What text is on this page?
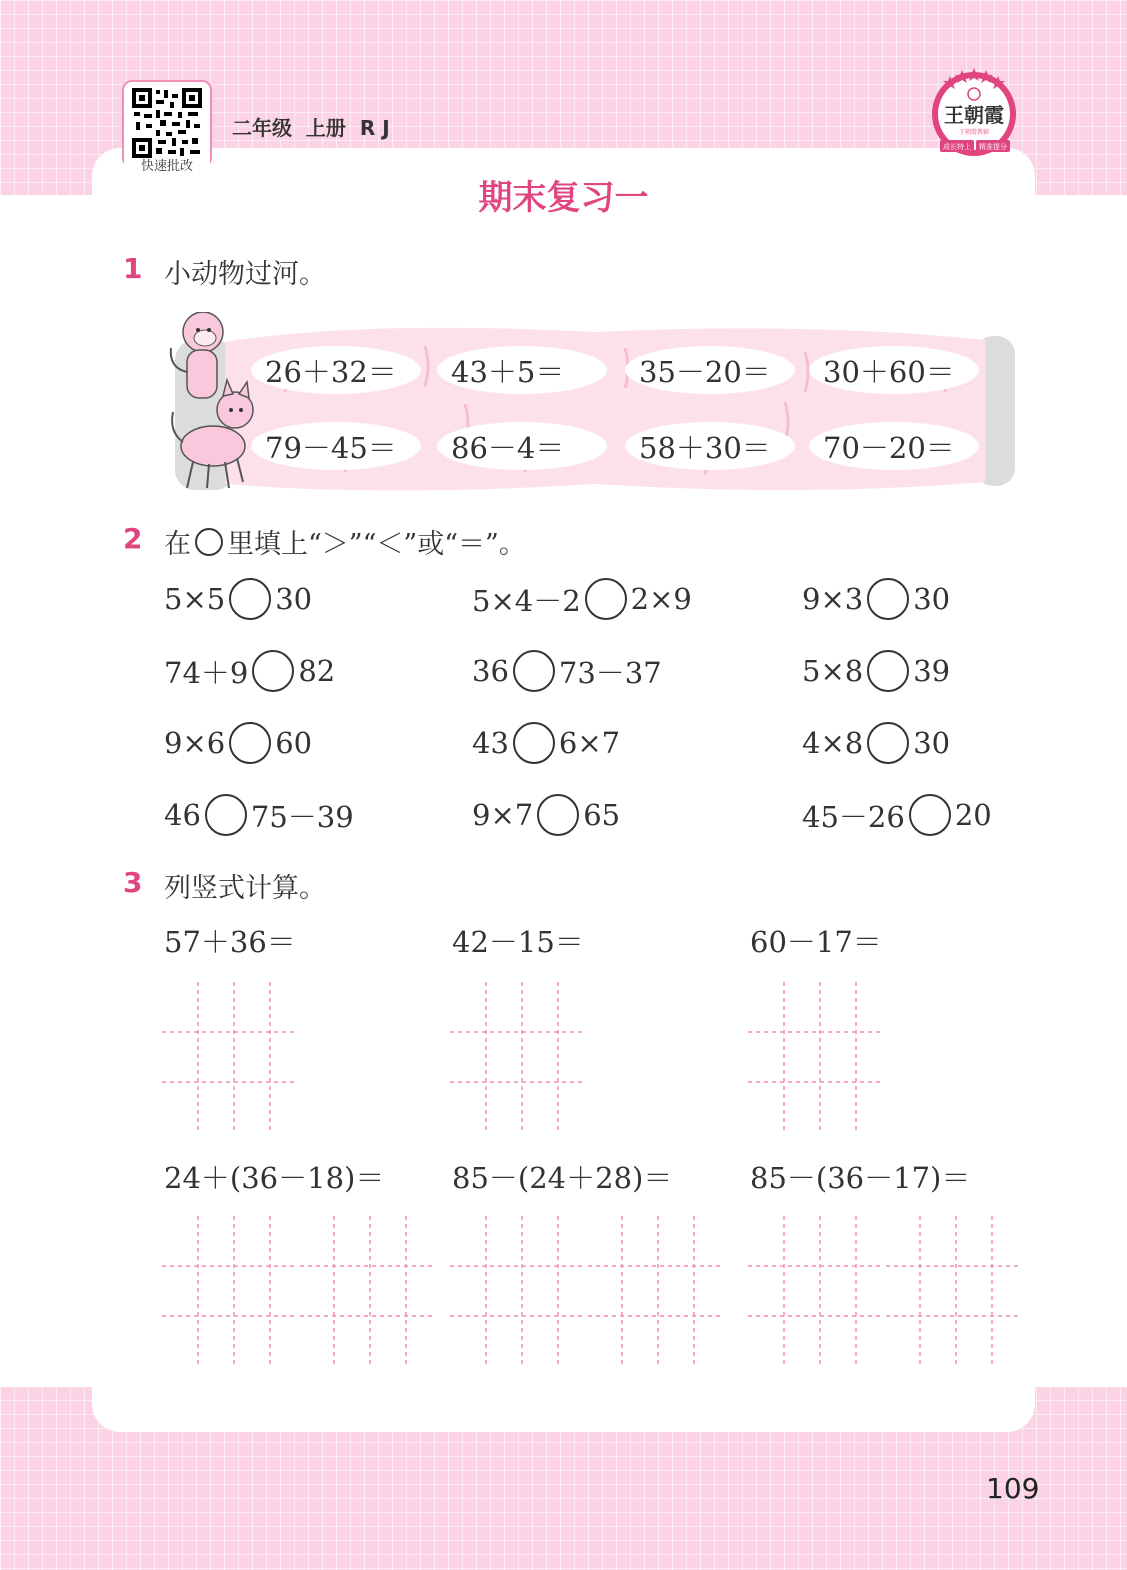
快速批改
二年级  上册  R J
王朝霞
王朝霞教辅
成长特上 精准提分
期末复习一
1 小动物过河。
26＋32＝	43＋5＝	35－20＝	30＋60＝
79－45＝	86－4＝	58＋30＝	70－20＝
2 在 里填上“＞”“＜”或“＝”。
5×5 30	5×4－2 2×9	9×3 30
74＋9 82	36 73－37	5×8 39
9×6 60	43 6×7	4×8 30
46 75－39	9×7 65	45－26 20
3 列竖式计算。
57＋36＝	42－15＝	60－17＝
24＋(36－18)＝ 85－(24＋28)＝	85－(36－17)＝
109
